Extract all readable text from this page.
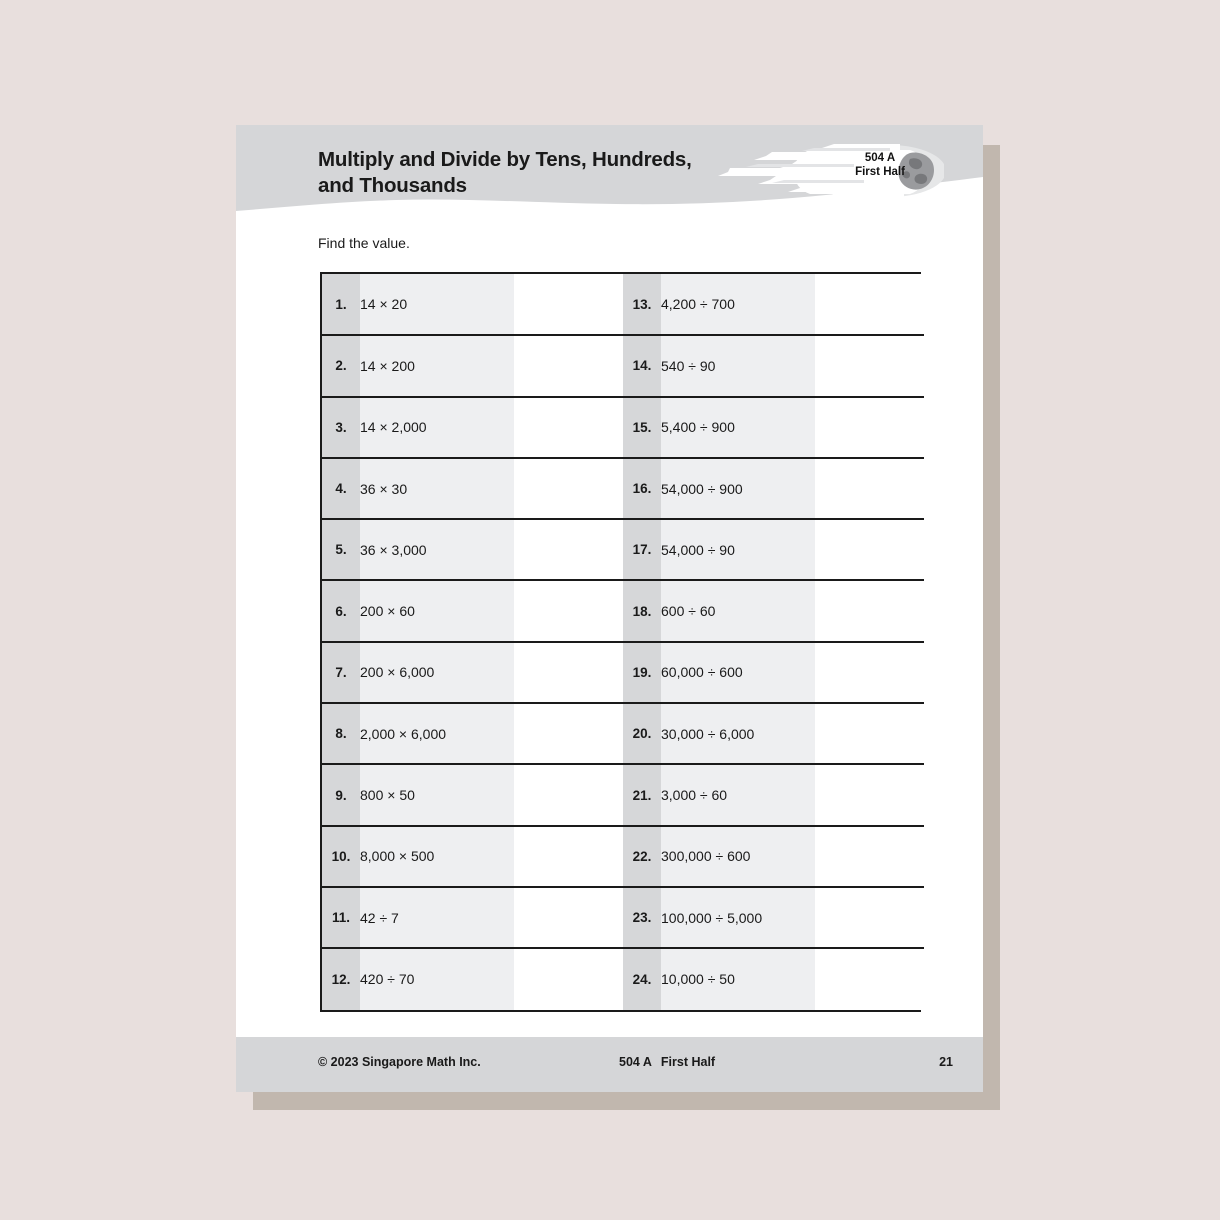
504 A
First Half
Multiply and Divide by Tens, Hundreds,
and Thousands
Find the value.
1.	14 × 20		13.	4,200 ÷ 700	
2.	14 × 200		14.	540 ÷ 90	
3.	14 × 2,000		15.	5,400 ÷ 900	
4.	36 × 30		16.	54,000 ÷ 900	
5.	36 × 3,000		17.	54,000 ÷ 90	
6.	200 × 60		18.	600 ÷ 60	
7.	200 × 6,000		19.	60,000 ÷ 600	
8.	2,000 × 6,000		20.	30,000 ÷ 6,000	
9.	800 × 50		21.	3,000 ÷ 60	
10.	8,000 × 500		22.	300,000 ÷ 600	
11.	42 ÷ 7		23.	100,000 ÷ 5,000	
12.	420 ÷ 70		24.	10,000 ÷ 50	
© 2023 Singapore Math Inc.	504 A First Half	21
